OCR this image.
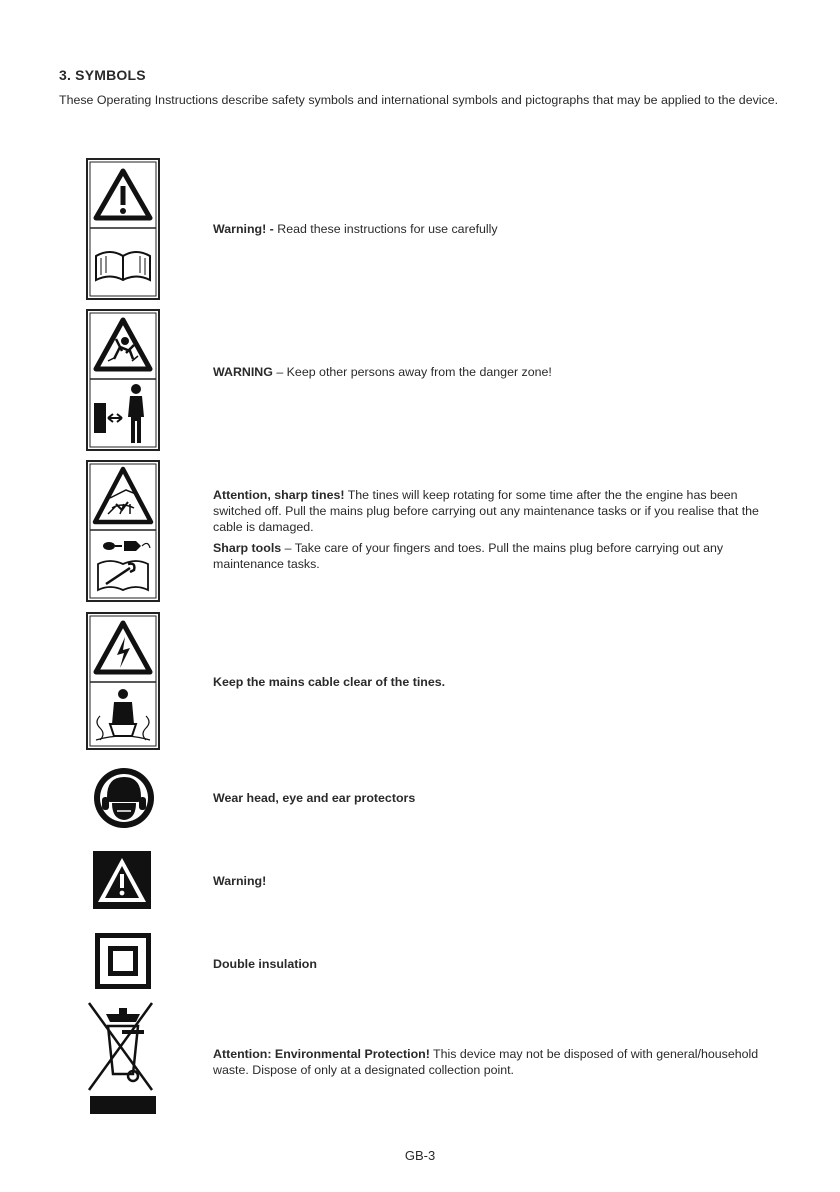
3. SYMBOLS
These Operating Instructions describe safety symbols and international symbols and pictographs that may be applied to the device.

Warning! - Read these instructions for use carefully

WARNING – Keep other persons away from the danger zone!

Attention, sharp tines! The tines will keep rotating for some time after the the engine has been switched off. Pull the mains plug before carrying out any maintenance tasks or if you realise that the cable is damaged.

Sharp tools – Take care of your fingers and toes. Pull the mains plug before carrying out any maintenance tasks.

Keep the mains cable clear of the tines.

Wear head, eye and ear protectors

Warning!

Double insulation

Attention: Environmental Protection! This device may not be disposed of with general/household waste. Dispose of only at a designated collection point.

GB-3
